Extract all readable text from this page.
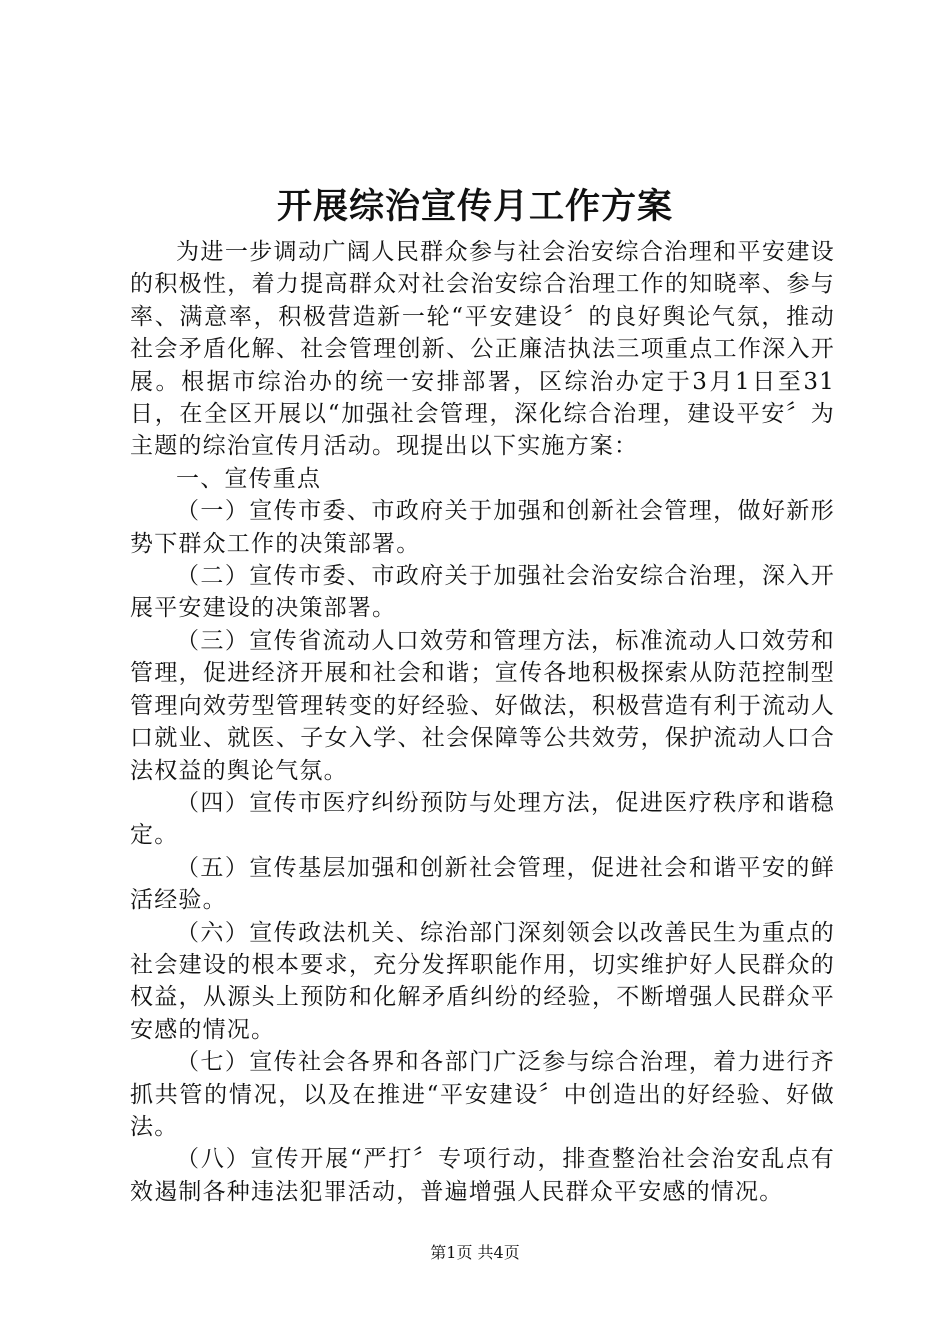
开展综治宣传月工作方案

为进一步调动广阔人民群众参与社会治安综合治理和平安建设的积极性，着力提高群众对社会治安综合治理工作的知晓率、参与率、满意率，积极营造新一轮“平安建设〞的良好舆论气氛，推动社会矛盾化解、社会管理创新、公正廉洁执法三项重点工作深入开展。根据市综治办的统一安排部署，区综治办定于3月1日至31日，在全区开展以“加强社会管理，深化综合治理，建设平安〞为主题的综治宣传月活动。现提出以下实施方案：

一、宣传重点

（一）宣传市委、市政府关于加强和创新社会管理，做好新形势下群众工作的决策部署。

（二）宣传市委、市政府关于加强社会治安综合治理，深入开展平安建设的决策部署。

（三）宣传省流动人口效劳和管理方法，标准流动人口效劳和管理，促进经济开展和社会和谐；宣传各地积极探索从防范控制型管理向效劳型管理转变的好经验、好做法，积极营造有利于流动人口就业、就医、子女入学、社会保障等公共效劳，保护流动人口合法权益的舆论气氛。

（四）宣传市医疗纠纷预防与处理方法，促进医疗秩序和谐稳定。

（五）宣传基层加强和创新社会管理，促进社会和谐平安的鲜活经验。

（六）宣传政法机关、综治部门深刻领会以改善民生为重点的社会建设的根本要求，充分发挥职能作用，切实维护好人民群众的权益，从源头上预防和化解矛盾纠纷的经验，不断增强人民群众平安感的情况。

（七）宣传社会各界和各部门广泛参与综合治理，着力进行齐抓共管的情况，以及在推进“平安建设〞中创造出的好经验、好做法。

（八）宣传开展“严打〞专项行动，排查整治社会治安乱点有效遏制各种违法犯罪活动，普遍增强人民群众平安感的情况。

第1页 共4页
